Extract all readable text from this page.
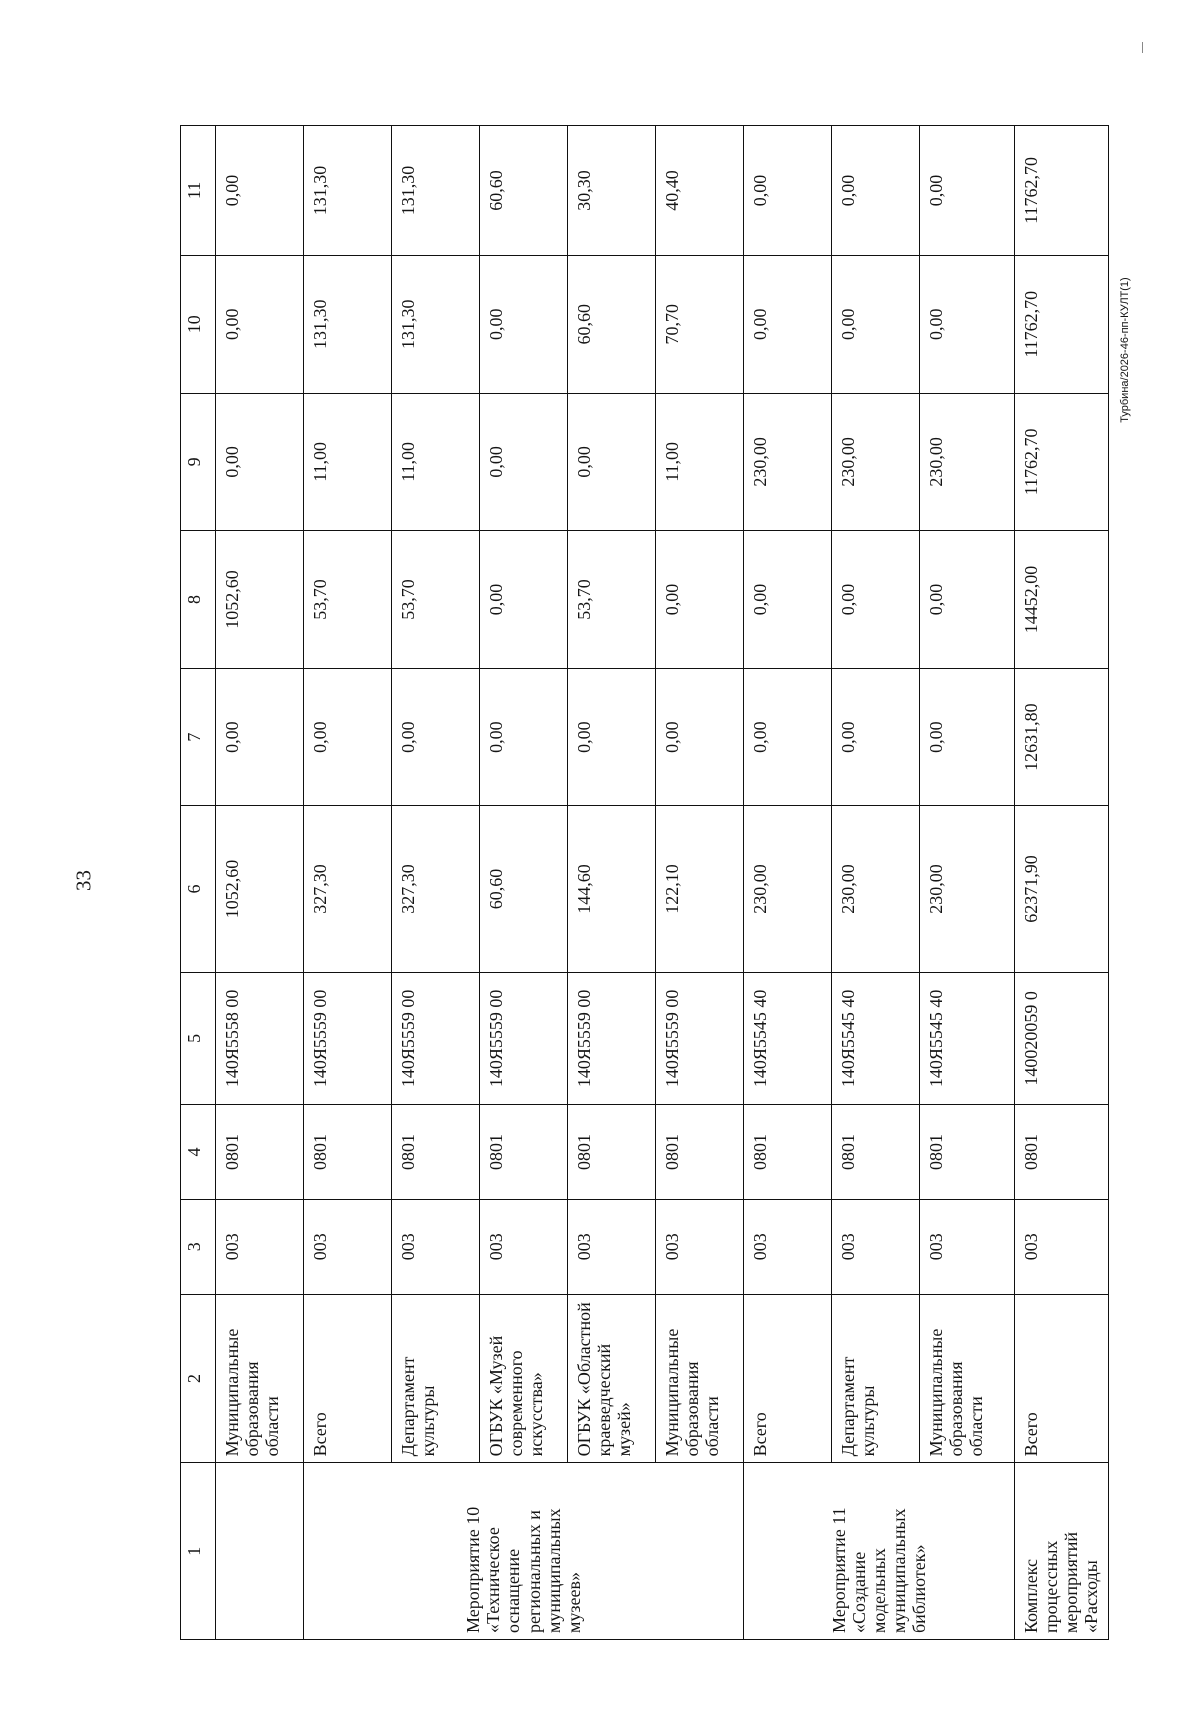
33
Турбина/2026-46-пп-КУЛТ(1)
1	2	3	4	5	6	7	8	9	10	11
	Муниципальные образования области	003	0801	140Я5558 00	1052,60	0,00	1052,60	0,00	0,00	0,00
Мероприятие 10 «Техническое оснащение региональных и муниципальных музеев»	Всего	003	0801	140Я5559 00	327,30	0,00	53,70	11,00	131,30	131,30
	Департамент культуры	003	0801	140Я5559 00	327,30	0,00	53,70	11,00	131,30	131,30
	ОГБУК «Музей современного искусства»	003	0801	140Я5559 00	60,60	0,00	0,00	0,00	0,00	60,60
	ОГБУК «Областной краеведческий музей»	003	0801	140Я5559 00	144,60	0,00	53,70	0,00	60,60	30,30
	Муниципальные образования области	003	0801	140Я5559 00	122,10	0,00	0,00	11,00	70,70	40,40
Мероприятие 11 «Создание модельных муниципальных библиотек»	Всего	003	0801	140Я5545 40	230,00	0,00	0,00	230,00	0,00	0,00
	Департамент культуры	003	0801	140Я5545 40	230,00	0,00	0,00	230,00	0,00	0,00
	Муниципальные образования области	003	0801	140Я5545 40	230,00	0,00	0,00	230,00	0,00	0,00
Комплекс процессных мероприятий «Расходы	Всего	003	0801	140020059 0	62371,90	12631,80	14452,00	11762,70	11762,70	11762,70
